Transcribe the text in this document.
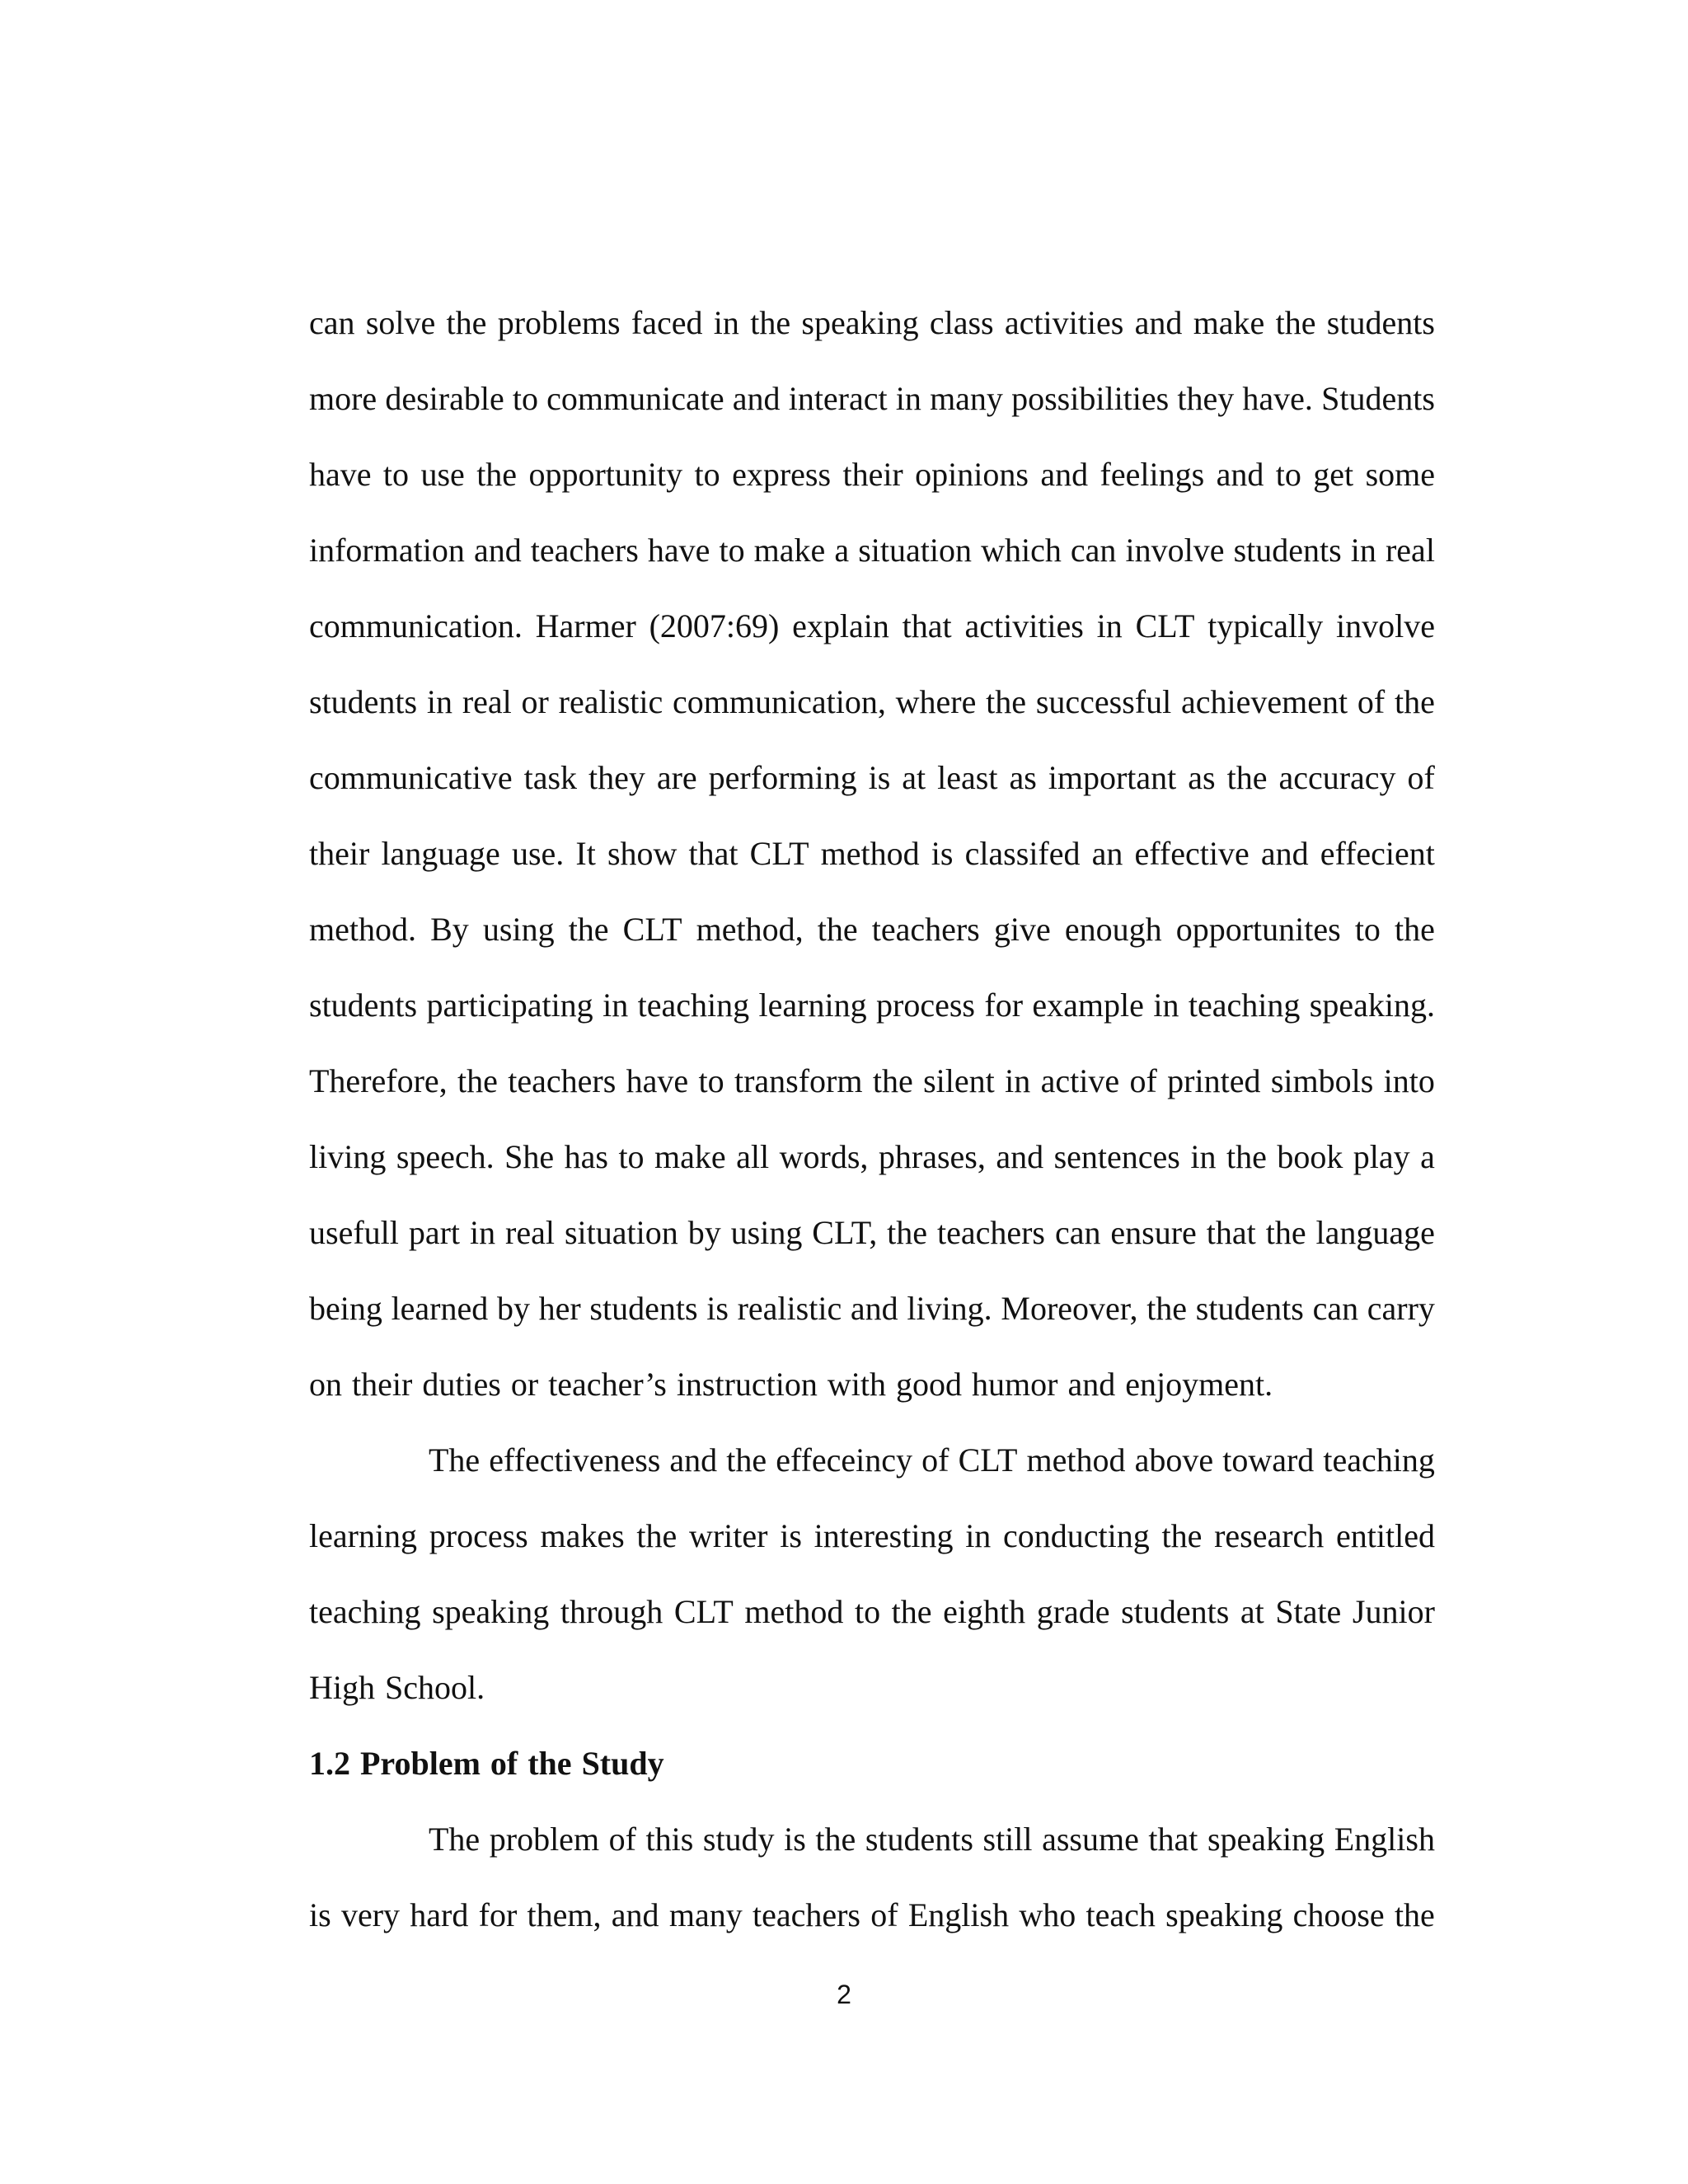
can solve the problems faced in the speaking class activities and make the students
more desirable to communicate and interact in many possibilities they have. Students
have to use the opportunity to express their opinions and feelings and to get some
information and teachers have to make a situation which can involve students in real
communication. Harmer (2007:69) explain that activities in CLT typically involve
students in real or realistic communication, where the successful achievement of the
communicative task they are performing is at least as important as the accuracy of
their language use. It show that CLT method is classifed an effective and effecient
method. By using the CLT method, the teachers give enough opportunites to the
students participating in teaching learning process for example in teaching speaking.
Therefore, the teachers have to transform the silent in active of printed simbols into
living speech. She has to make all words, phrases, and sentences in the book play a
usefull part in real situation by using CLT, the teachers can ensure that the language
being learned by her students is realistic and living. Moreover, the students can carry
on their duties or teacher’s instruction with good humor and enjoyment.
The effectiveness and the effeceincy of CLT method above toward teaching
learning process makes the writer is interesting in conducting the research entitled
teaching speaking through CLT method to the eighth grade students at State Junior
High School.
1.2 Problem of the Study
The problem of this study is the students still assume that speaking English
is very hard for them, and many teachers of English who teach speaking choose the
2
